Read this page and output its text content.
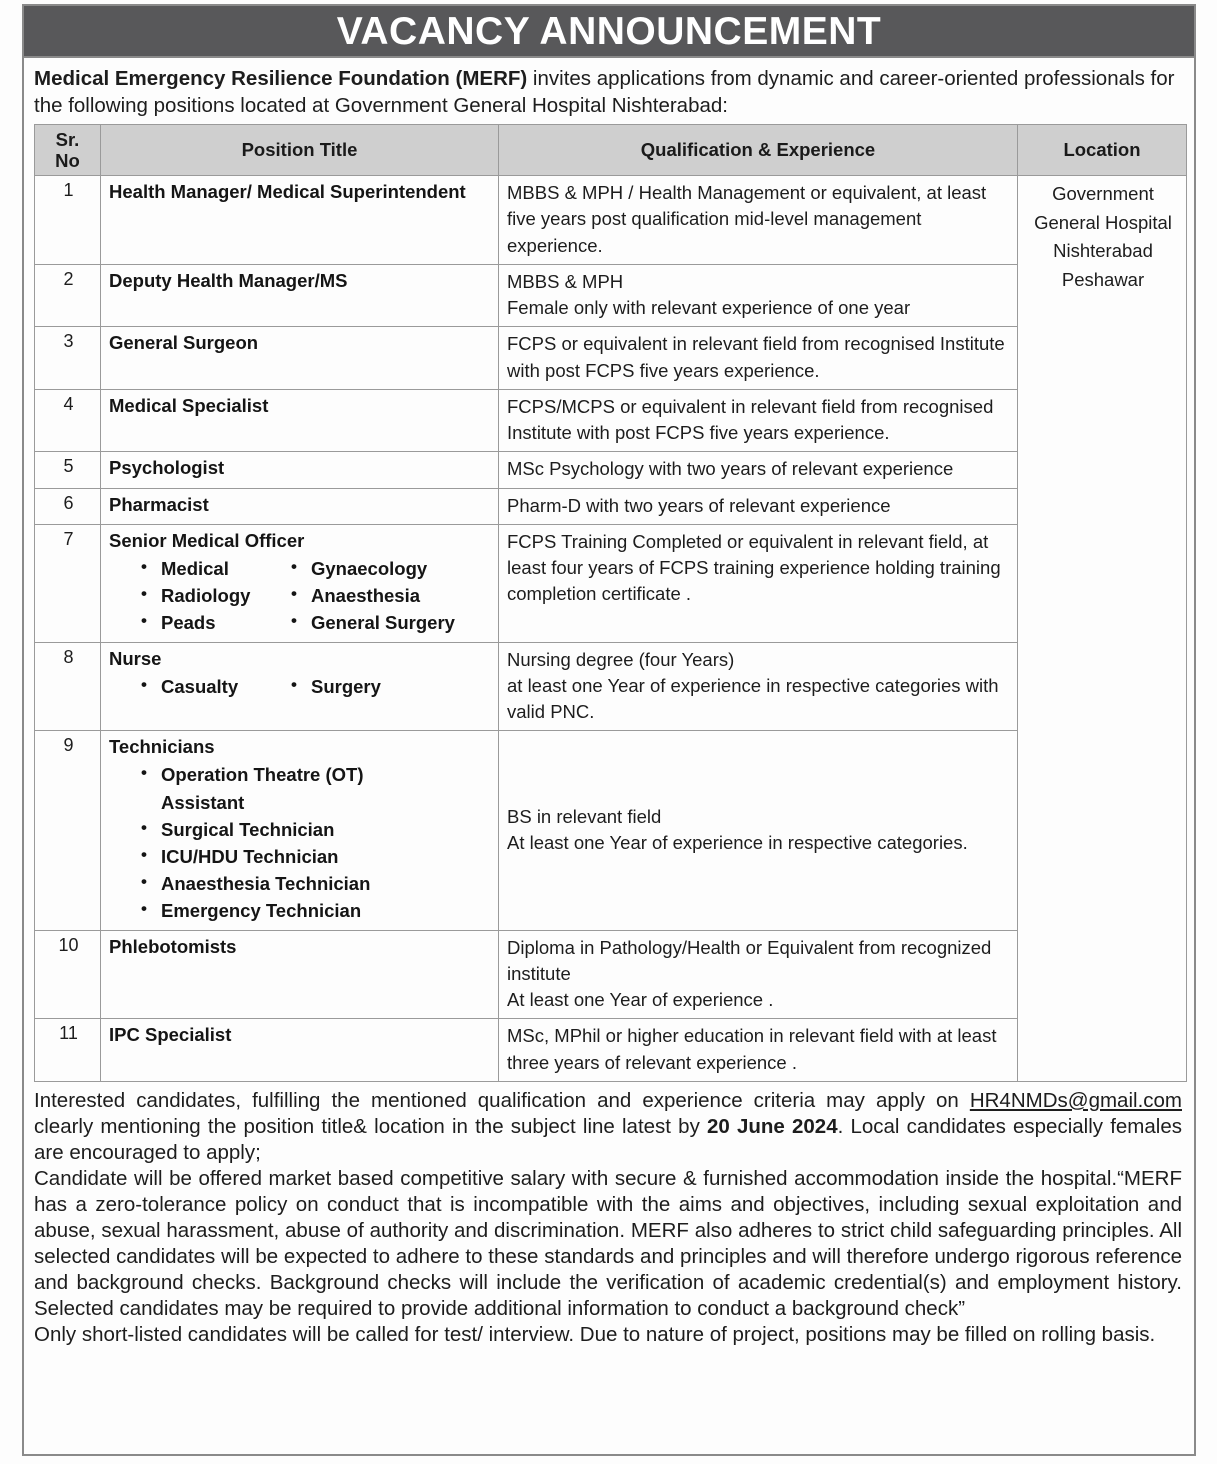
VACANCY ANNOUNCEMENT
Medical Emergency Resilience Foundation (MERF) invites applications from dynamic and career-oriented professionals for the following positions located at Government General Hospital Nishterabad:
Sr.
No	Position Title	Qualification & Experience	Location
1	Health Manager/ Medical Superintendent	MBBS & MPH / Health Management or equivalent, at least five years post qualification mid-level management experience.	Government
General Hospital
Nishterabad
Peshawar
2	Deputy Health Manager/MS	MBBS & MPH
Female only with relevant experience of one year	
3	General Surgeon	FCPS or equivalent in relevant field from recognised Institute with post FCPS five years experience.	
4	Medical Specialist	FCPS/MCPS or equivalent in relevant field from recognised Institute with post FCPS five years experience.	
5	Psychologist	MSc Psychology with two years of relevant experience	
6	Pharmacist	Pharm-D with two years of relevant experience	
7	Senior Medical Officer
• Medical	• Gynaecology
• Radiology	• Anaesthesia
• Peads	• General Surgery
	FCPS Training Completed or equivalent in relevant field, at least four years of FCPS training experience holding training completion certificate .
8	Nurse
• Casualty	• Surgery
	Nursing degree (four Years)
at least one Year of experience in respective categories with valid PNC.
9	Technicians
• Operation Theatre (OT)
Assistant
• Surgical Technician
• ICU/HDU Technician
• Anaesthesia Technician
• Emergency Technician
	BS in relevant field
At least one Year of experience in respective categories.
10	Phlebotomists	Diploma in Pathology/Health or Equivalent from recognized institute
At least one Year of experience .	
11	IPC Specialist	MSc, MPhil or higher education in relevant field with at least three years of relevant experience .	

Interested candidates, fulfilling the mentioned qualification and experience criteria may apply on HR4NMDs@gmail.com clearly mentioning the position title& location in the subject line latest by 20 June 2024. Local candidates especially females are encouraged to apply;

Candidate will be offered market based competitive salary with secure & furnished accommodation inside the hospital.“MERF has a zero-tolerance policy on conduct that is incompatible with the aims and objectives, including sexual exploitation and abuse, sexual harassment, abuse of authority and discrimination. MERF also adheres to strict child safeguarding principles. All selected candidates will be expected to adhere to these standards and principles and will therefore undergo rigorous reference and background checks. Background checks will include the verification of academic credential(s) and employment history. Selected candidates may be required to provide additional information to conduct a background check”

Only short-listed candidates will be called for test/ interview. Due to nature of project, positions may be filled on rolling basis.
